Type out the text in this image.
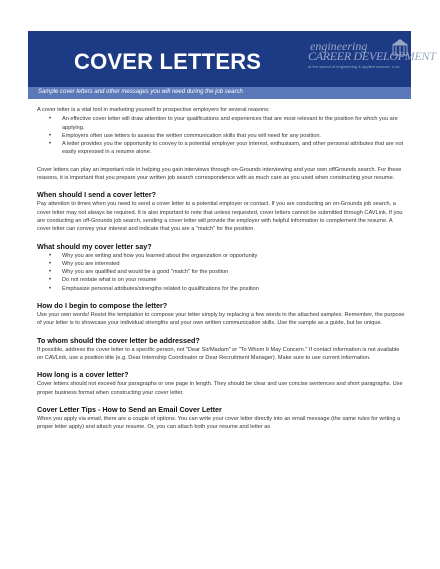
COVER LETTERS
engineering
CAREER DEVELOPMENT
at the school of engineering & applied science, u.va.
Sample cover letters and other messages you will need during the job search

A cover letter is a vital tool in marketing yourself to prospective employers for several reasons:

• An effective cover letter will draw attention to your qualifications and experiences that are most relevant to the position for which you are applying.
• Employers often use letters to assess the written communication skills that you will need for any position.
• A letter provides you the opportunity to convey to a potential employer your interest, enthusiasm, and other personal attributes that are not easily expressed in a resume alone.

Cover letters can play an important role in helping you gain interviews through on-Grounds interviewing and your own offGrounds search. For these reasons, it is important that you prepare your written job search correspondence with as much care as you used when constructing your resume.

When should I send a cover letter?

Pay attention to times when you need to send a cover letter to a potential employer or contact. If you are conducting an on-Grounds job search, a cover letter may not always be required. It is also important to note that unless requested, cover letters cannot be submitted through CAVLink. If you are conducting an off-Grounds job search, sending a cover letter will provide the employer with helpful information to complement the resume. A cover letter can convey your interest and indicate that you are a "match" for the position.

What should my cover letter say?
• Why you are writing and how you learned about the organization or opportunity
• Why you are interested
• Why you are qualified and would be a good "match" for the position
• Do not restate what is on your resume
• Emphasize personal attributes/strengths related to qualifications for the position
How do I begin to compose the letter?

Use your own words! Resist the temptation to compose your letter simply by replacing a few words in the attached samples. Remember, the purpose of your letter is to showcase your individual strengths and your own written communication skills. Use the sample as a guide, but be unique.

To whom should the cover letter be addressed?

If possible, address the cover letter to a specific person, not "Dear Sir/Madam" or "To Whom It May Concern." If contact information is not available on CAVLink, use a position title (e.g. Dear Internship Coordinator or Dear Recruitment Manager). Make sure to use current information.

How long is a cover letter?

Cover letters should not exceed four paragraphs or one page in length. They should be clear and use concise sentences and short paragraphs. Use proper business format when constructing your cover letter.

Cover Letter Tips - How to Send an Email Cover Letter

When you apply via email, there are a couple of options. You can write your cover letter directly into an email message (the same rules for writing a proper letter apply) and attach your resume. Or, you can attach both your resume and letter as
